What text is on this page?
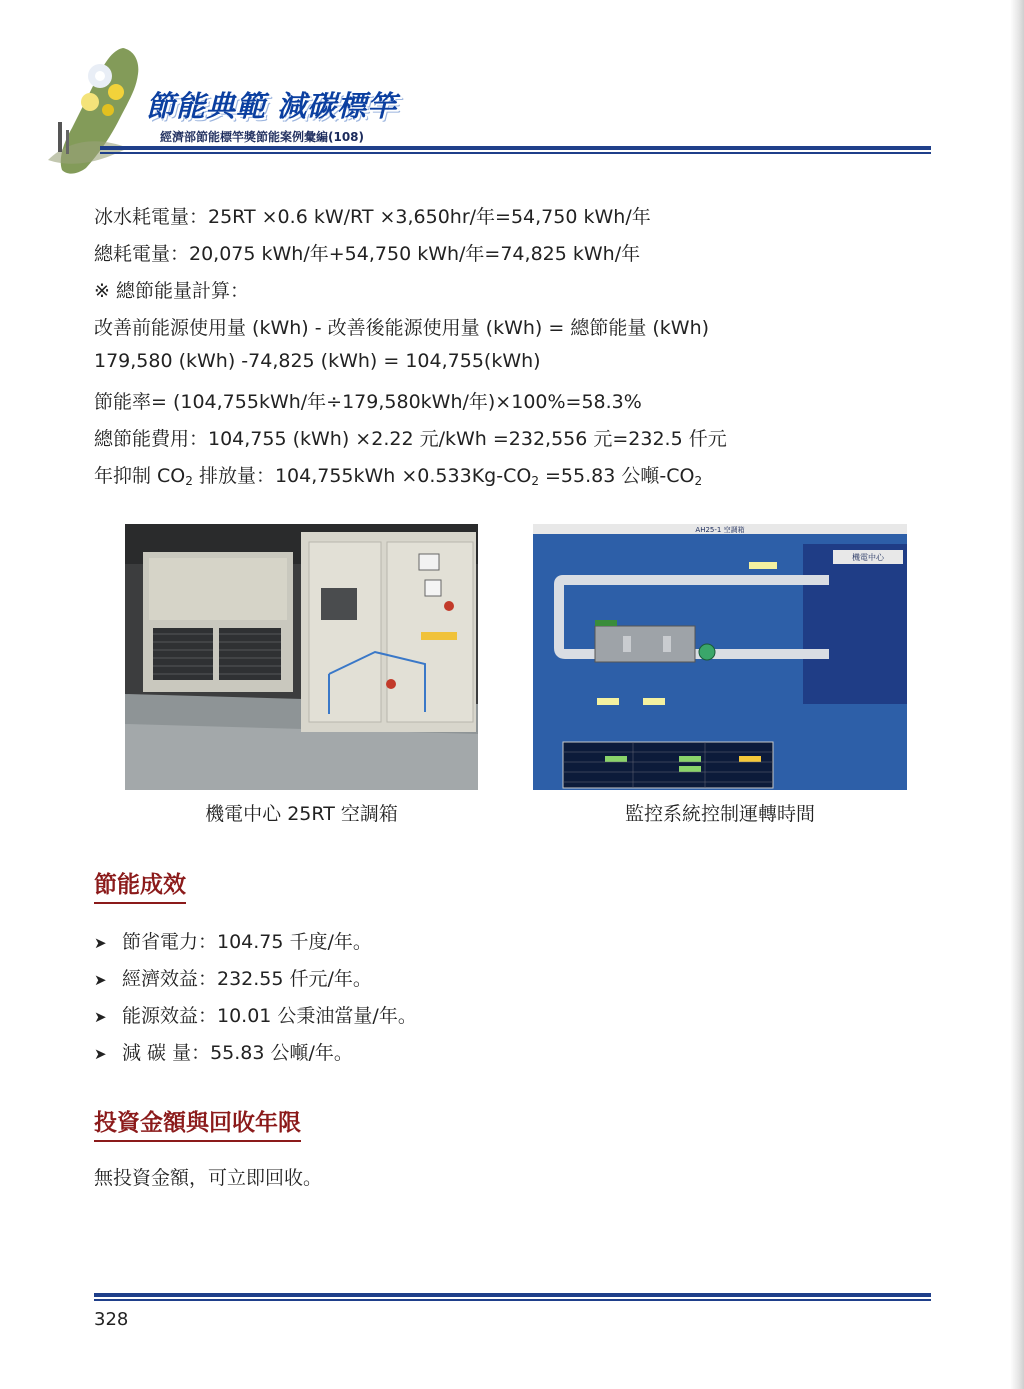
節能典範 減碳標竿
經濟部節能標竿獎節能案例彙編(108)
冰水耗電量：25RT ×0.6 kW/RT ×3,650hr/年=54,750 kWh/年
總耗電量：20,075 kWh/年+54,750 kWh/年=74,825 kWh/年
※ 總節能量計算：
改善前能源使用量 (kWh) - 改善後能源使用量 (kWh) = 總節能量 (kWh)
179,580 (kWh) -74,825 (kWh) = 104,755(kWh)
節能率= (104,755kWh/年÷179,580kWh/年)×100%=58.3%
總節能費用：104,755 (kWh) ×2.22 元/kWh =232,556 元=232.5 仟元
年抑制 $CO_2$ 排放量：$104,755kWh \times 0.533Kg-CO_2 =55.83$ 公噸$-CO_2$
AH25-1 空調箱
機電中心
機電中心 25RT 空調箱	監控系統控制運轉時間
節能成效
➤ 節省電力：104.75 千度/年。
➤ 經濟效益：232.55 仟元/年。
➤ 能源效益：10.01 公秉油當量/年。
➤ 減 碳 量：55.83 公噸/年。
投資金額與回收年限
無投資金額，可立即回收。
328
